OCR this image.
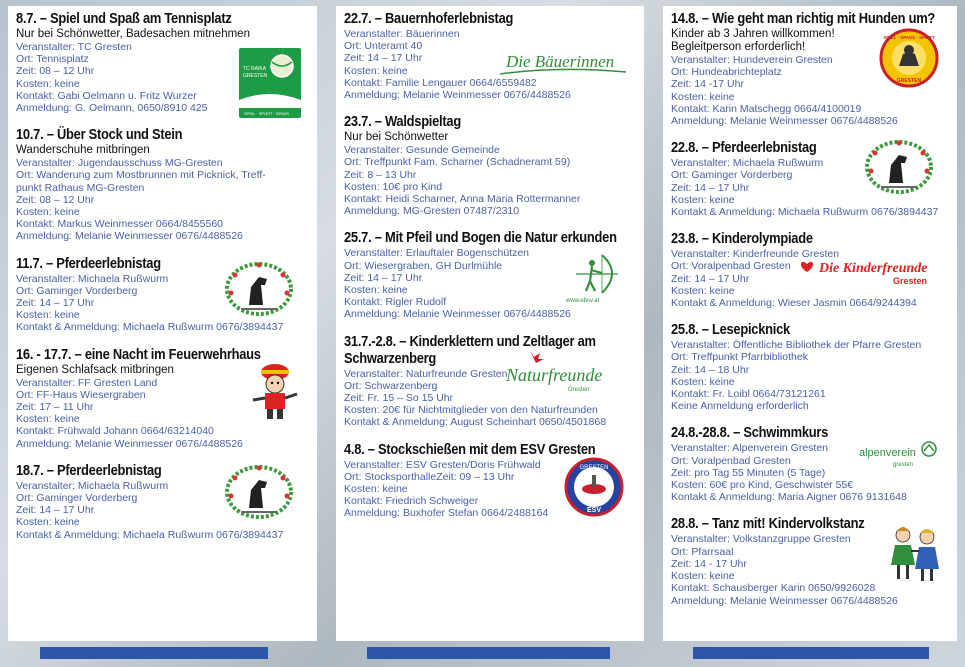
8.7. – Spiel und Spaß am Tennisplatz
Nur bei Schönwetter, Badesachen mitnehmen
Veranstalter: TC Gresten
Ort: Tennisplatz
Zeit: 08 – 12 Uhr
Kosten: keine
Kontakt: Gabi Oelmann u. Fritz Wurzer
Anmeldung: G. Oelmann, 0650/8910 425
TC RAIKA
GRESTEN
SPIEL · SPORT · SPASS
10.7. – Über Stock und Stein
Wanderschuhe mitbringen
Veranstalter: Jugendausschuss MG-Gresten
Ort: Wanderung zum Mostbrunnen mit Picknick, Treff-
punkt Rathaus MG-Gresten
Zeit: 08 – 12 Uhr
Kosten: keine
Kontakt: Markus Weinmesser 0664/8455560
Anmeldung: Melanie Weinmesser 0676/4488526
11.7. – Pferdeerlebnistag
Veranstalter: Michaela Rußwurm
Ort: Gaminger Vorderberg
Zeit: 14 – 17 Uhr
Kosten: keine
Kontakt & Anmeldung: Michaela Rußwurm 0676/3894437
16. - 17.7. – eine Nacht im Feuerwehrhaus
Eigenen Schlafsack mitbringen
Veranstalter: FF Gresten Land
Ort: FF-Haus Wiesergraben
Zeit: 17 – 11 Uhr
Kosten: keine
Kontakt: Frühwald Johann 0664/63214040
Anmeldung: Melanie Weinmesser 0676/4488526
18.7. – Pferdeerlebnistag
Veranstalter: Michaela Rußwurm
Ort: Gaminger Vorderberg
Zeit: 14 – 17 Uhr
Kosten: keine
Kontakt & Anmeldung: Michaela Rußwurm 0676/3894437
22.7. – Bauernhoferlebnistag
Veranstalter: Bäuerinnen
Ort: Unteramt 40
Zeit: 14 – 17 Uhr
Kosten: keine
Kontakt: Familie Lengauer 0664/6559482
Anmeldung: Melanie Weinmesser 0676/4488526
Die Bäuerinnen
23.7. – Waldspieltag
Nur bei Schönwetter
Veranstalter: Gesunde Gemeinde
Ort: Treffpunkt Fam. Scharner (Schadneramt 59)
Zeit: 8 – 13 Uhr
Kosten: 10€ pro Kind
Kontakt: Heidi Scharner, Anna Maria Rottermanner
Anmeldung: MG-Gresten 07487/2310
25.7. – Mit Pfeil und Bogen die Natur erkunden
Veranstalter: Erlauftaler Bogenschützen
Ort: Wiesergraben, GH Durlmühle
Zeit: 14 – 17 Uhr
Kosten: keine
Kontakt: Rigler Rudolf
Anmeldung: Melanie Weinmesser 0676/4488526
www.ebsv.at
31.7.-2.8. – Kinderklettern und Zeltlager am Schwarzenberg
Veranstalter: Naturfreunde Gresten
Ort: Schwarzenberg
Zeit: Fr. 15 – So 15 Uhr
Kosten: 20€ für Nichtmitglieder von den Naturfreunden
Kontakt & Anmeldung: August Scheinhart 0650/4501868
Naturfreunde
Gresten
4.8. – Stockschießen mit dem ESV Gresten
Veranstalter: ESV Gresten/Doris Frühwald
Ort: StocksporthalleZeit: 09 – 13 Uhr
Kosten: keine
Kontakt: Friedrich Schweiger
Anmeldung: Buxhofer Stefan 0664/2488164
GRESTEN
ESV
14.8. – Wie geht man richtig mit Hunden um?
Kinder ab 3 Jahren willkommen! Begleitperson erforderlich!
Veranstalter: Hundeverein Gresten
Ort: Hundeabrichteplatz
Zeit: 14 -17 Uhr
Kosten: keine
Kontakt: Karin Matschegg 0664/4100019
Anmeldung: Melanie Weinmesser 0676/4488526
SPIEL · SPASS · SPORT
GRESTEN
22.8. – Pferdeerlebnistag
Veranstalter: Michaela Rußwurm
Ort: Gaminger Vorderberg
Zeit: 14 – 17 Uhr
Kosten: keine
Kontakt & Anmeldung: Michaela Rußwurm 0676/3894437
23.8. – Kinderolympiade
Veranstalter: Kinderfreunde Gresten
Ort: Voralpenbad Gresten
Zeit: 14 – 17 Uhr
Kosten: keine
Kontakt & Anmeldung: Wieser Jasmin 0664/9244394
Die Kinderfreunde
Gresten
25.8. – Lesepicknick
Veranstalter: Öffentliche Bibliothek der Pfarre Gresten
Ort: Treffpunkt Pfarrbibliothek
Zeit: 14 – 18 Uhr
Kosten: keine
Kontakt: Fr. Loibl 0664/73121261
Keine Anmeldung erforderlich
24.8.-28.8. – Schwimmkurs
Veranstalter: Alpenverein Gresten
Ort: Voralpenbad Gresten
Zeit: pro Tag 55 Minuten (5 Tage)
Kosten: 60€ pro Kind, Geschwister 55€
Kontakt & Anmeldung: Maria Aigner 0676 9131648
alpenverein
gresten
28.8. – Tanz mit! Kindervolkstanz
Veranstalter: Volkstanzgruppe Gresten
Ort: Pfarrsaal
Zeit: 14 - 17 Uhr
Kosten: keine
Kontakt: Schausberger Karin 0650/9926028
Anmeldung: Melanie Weinmesser 0676/4488526
